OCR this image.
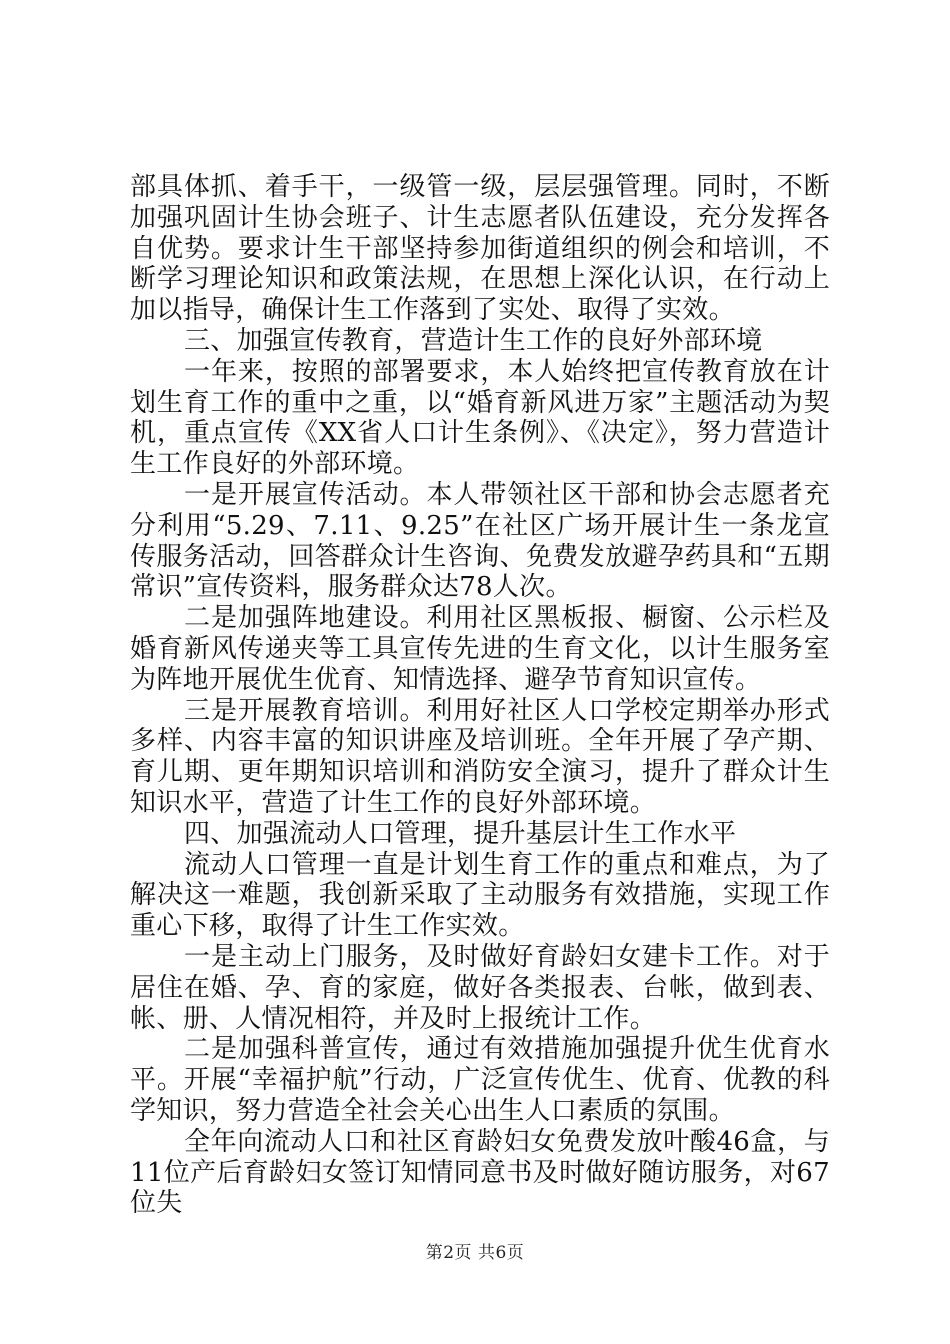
部具体抓、着手干，一级管一级，层层强管理。同时，不断加强巩固计生协会班子、计生志愿者队伍建设，充分发挥各自优势。要求计生干部坚持参加街道组织的例会和培训，不断学习理论知识和政策法规，在思想上深化认识，在行动上加以指导，确保计生工作落到了实处、取得了实效。

三、加强宣传教育，营造计生工作的良好外部环境

一年来，按照的部署要求，本人始终把宣传教育放在计划生育工作的重中之重，以“婚育新风进万家”主题活动为契机，重点宣传《XX省人口计生条例》、《决定》，努力营造计生工作良好的外部环境。

一是开展宣传活动。本人带领社区干部和协会志愿者充分利用“5.29、7.11、9.25”在社区广场开展计生一条龙宣传服务活动，回答群众计生咨询、免费发放避孕药具和“五期常识”宣传资料，服务群众达78人次。

二是加强阵地建设。利用社区黑板报、橱窗、公示栏及婚育新风传递夹等工具宣传先进的生育文化，以计生服务室为阵地开展优生优育、知情选择、避孕节育知识宣传。

三是开展教育培训。利用好社区人口学校定期举办形式多样、内容丰富的知识讲座及培训班。全年开展了孕产期、育儿期、更年期知识培训和消防安全演习，提升了群众计生知识水平，营造了计生工作的良好外部环境。

四、加强流动人口管理，提升基层计生工作水平

流动人口管理一直是计划生育工作的重点和难点，为了解决这一难题，我创新采取了主动服务有效措施，实现工作重心下移，取得了计生工作实效。

一是主动上门服务，及时做好育龄妇女建卡工作。对于居住在婚、孕、育的家庭，做好各类报表、台帐，做到表、帐、册、人情况相符，并及时上报统计工作。

二是加强科普宣传，通过有效措施加强提升优生优育水平。开展“幸福护航”行动，广泛宣传优生、优育、优教的科学知识，努力营造全社会关心出生人口素质的氛围。

全年向流动人口和社区育龄妇女免费发放叶酸46盒，与11位产后育龄妇女签订知情同意书及时做好随访服务，对67位失

第2页 共6页
